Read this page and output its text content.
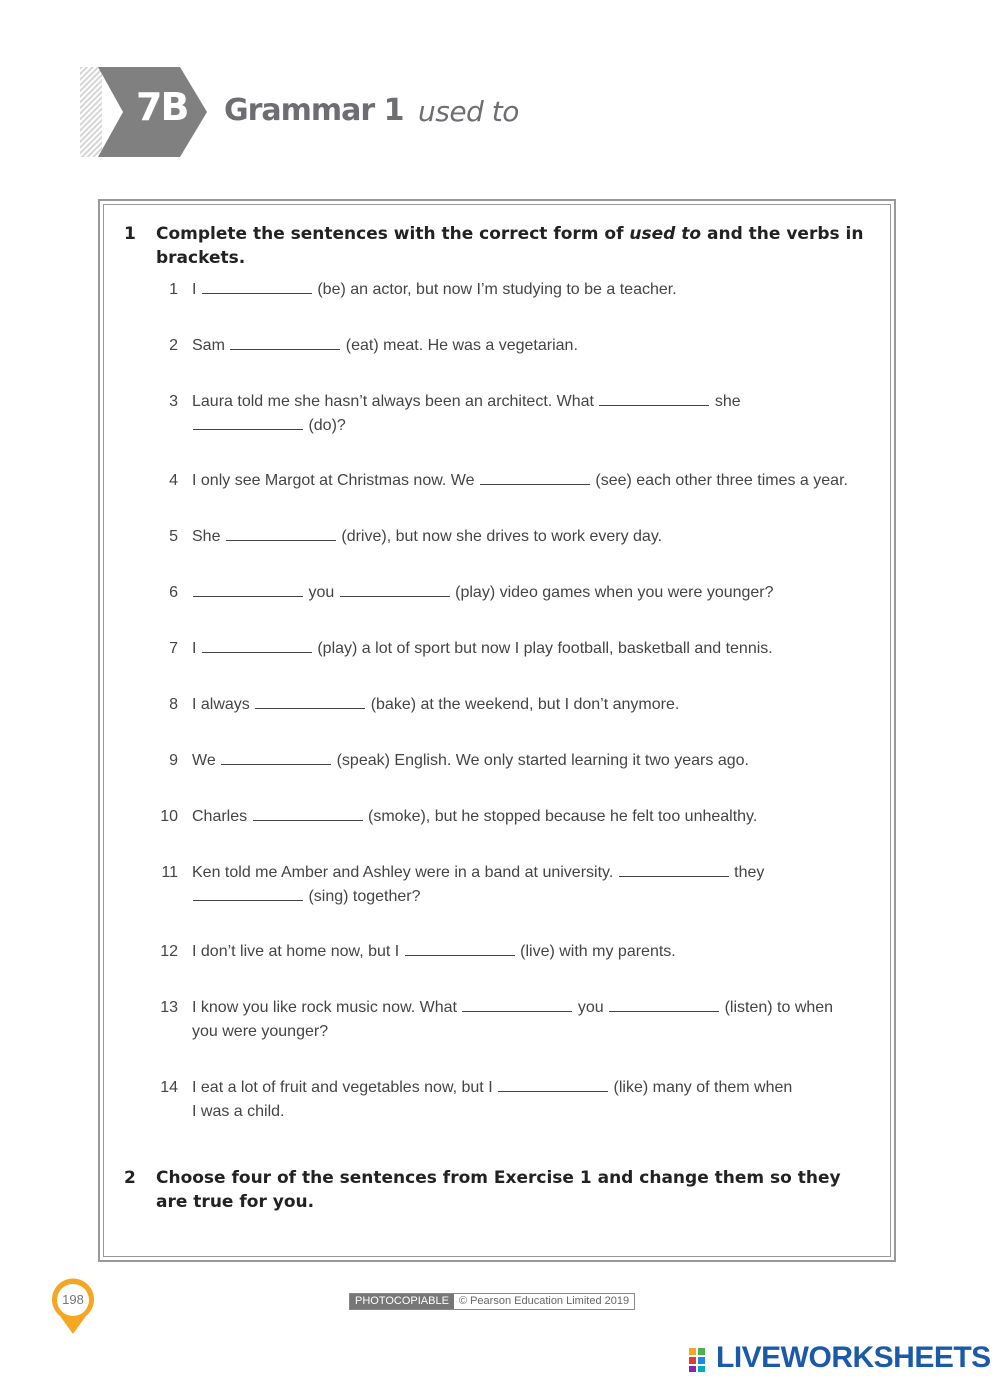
7B	Grammar 1 used to
1 Complete the sentences with the correct form of used to and the verbs in brackets.
1 I	(be) an actor, but now I’m studying to be a teacher.
2 Sam	(eat) meat. He was a vegetarian.
3 Laura told me she hasn’t always been an architect. What	she
(do)?
4 I only see Margot at Christmas now. We	(see) each other three times a year.
5 She	(drive), but now she drives to work every day.
6	you	(play) video games when you were younger?
7 I	(play) a lot of sport but now I play football, basketball and tennis.
8 I always	(bake) at the weekend, but I don’t anymore.
9 We	(speak) English. We only started learning it two years ago.
10 Charles	(smoke), but he stopped because he felt too unhealthy.
11 Ken told me Amber and Ashley were in a band at university.	they
(sing) together?
12 I don’t live at home now, but I	(live) with my parents.
13 I know you like rock music now. What	you	(listen) to when
you were younger?
14 I eat a lot of fruit and vegetables now, but I	(like) many of them when
I was a child.
2 Choose four of the sentences from Exercise 1 and change them so they are true for you.
198	PHOTOCOPIABLE © Pearson Education Limited 2019
LIVEWORKSHEETS
